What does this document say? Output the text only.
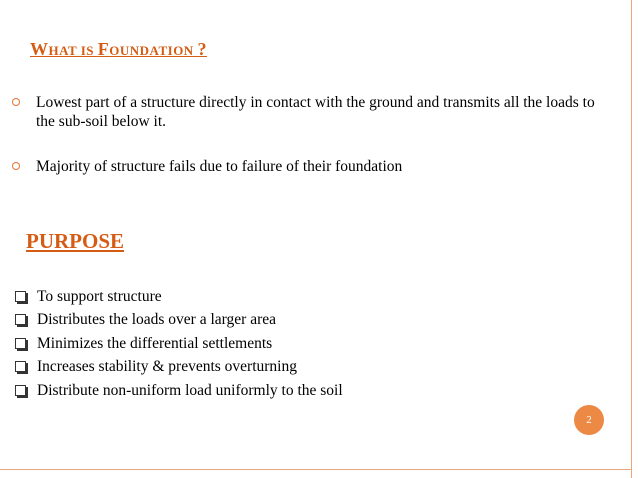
WHAT IS FOUNDATION ?
Lowest part of a structure directly in contact with the ground and transmits all the loads to the sub-soil below it.
Majority of structure fails due to failure of their foundation
PURPOSE
To support structure
Distributes the loads over a larger area
Minimizes the differential settlements
Increases stability & prevents overturning
Distribute non-uniform load uniformly to the soil
2
